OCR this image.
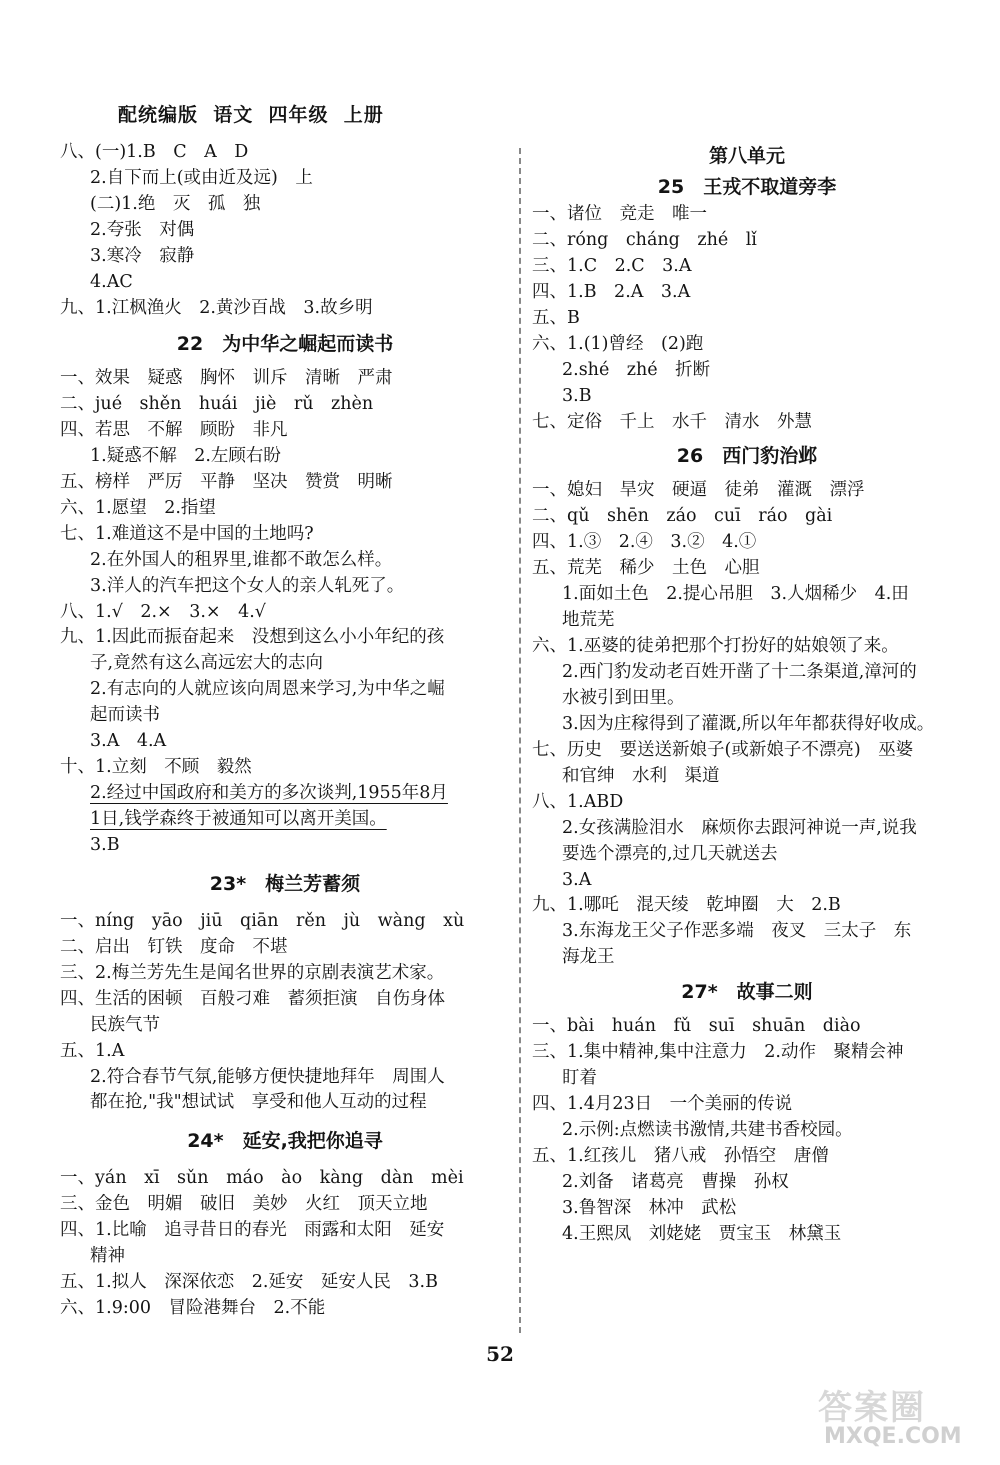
配统编版  语文  四年级  上册
八、(一)1.B　C　A　D
2.自下而上(或由近及远)　上
(二)1.绝　灭　孤　独
2.夸张　对偶
3.寒冷　寂静
4.AC
九、1.江枫渔火　2.黄沙百战　3.故乡明
22　为中华之崛起而读书
一、效果　疑惑　胸怀　训斥　清晰　严肃
二、jué　shěn　huái　jiè　rǔ　zhèn
四、若思　不解　顾盼　非凡
1.疑惑不解　2.左顾右盼
五、榜样　严厉　平静　坚决　赞赏　明晰
六、1.愿望　2.指望
七、1.难道这不是中国的土地吗?
2.在外国人的租界里,谁都不敢怎么样。
3.洋人的汽车把这个女人的亲人轧死了。
八、1.√　2.×　3.×　4.√
九、1.因此而振奋起来　没想到这么小小年纪的孩
子,竟然有这么高远宏大的志向
2.有志向的人就应该向周恩来学习,为中华之崛
起而读书
3.A　4.A
十、1.立刻　不顾　毅然
2.经过中国政府和美方的多次谈判,1955年8月
1日,钱学森终于被通知可以离开美国。
3.B
23*　梅兰芳蓄须
一、níng　yāo　jiū　qiān　rěn　jù　wàng　xù
二、启出　钉铁　度命　不堪
三、2.梅兰芳先生是闻名世界的京剧表演艺术家。
四、生活的困顿　百般刁难　蓄须拒演　自伤身体
民族气节
五、1.A
2.符合春节气氛,能够方便快捷地拜年　周围人
都在抢,"我"想试试　享受和他人互动的过程
24*　延安,我把你追寻
一、yán　xī　sǔn　máo　ào　kàng　dàn　mèi
三、金色　明媚　破旧　美妙　火红　顶天立地
四、1.比喻　追寻昔日的春光　雨露和太阳　延安
精神
五、1.拟人　深深依恋　2.延安　延安人民　3.B
六、1.9:00　冒险港舞台　2.不能
第八单元
25　王戎不取道旁李
一、诸位　竞走　唯一
二、róng　cháng　zhé　lǐ
三、1.C　2.C　3.A
四、1.B　2.A　3.A
五、B
六、1.(1)曾经　(2)跑
2.shé　zhé　折断
3.B
七、定俗　千上　水千　清水　外慧
26　西门豹治邺
一、媳妇　旱灾　硬逼　徒弟　灌溉　漂浮
二、qǔ　shēn　záo　cuī　ráo　gài
四、1.③　2.④　3.②　4.①
五、荒芜　稀少　土色　心胆
1.面如土色　2.提心吊胆　3.人烟稀少　4.田
地荒芜
六、1.巫婆的徒弟把那个打扮好的姑娘领了来。
2.西门豹发动老百姓开凿了十二条渠道,漳河的
水被引到田里。
3.因为庄稼得到了灌溉,所以年年都获得好收成。
七、历史　要送送新娘子(或新娘子不漂亮)　巫婆
和官绅　水利　渠道
八、1.ABD
2.女孩满脸泪水　麻烦你去跟河神说一声,说我
要选个漂亮的,过几天就送去
3.A
九、1.哪吒　混天绫　乾坤圈　大　2.B
3.东海龙王父子作恶多端　夜叉　三太子　东
海龙王
27*　故事二则
一、bài　huán　fǔ　suī　shuān　diào
三、1.集中精神,集中注意力　2.动作　聚精会神
盯着
四、1.4月23日　一个美丽的传说
2.示例:点燃读书激情,共建书香校园。
五、1.红孩儿　猪八戒　孙悟空　唐僧
2.刘备　诸葛亮　曹操　孙权
3.鲁智深　林冲　武松
4.王熙凤　刘姥姥　贾宝玉　林黛玉
52
答案圈
MXQE.COM
